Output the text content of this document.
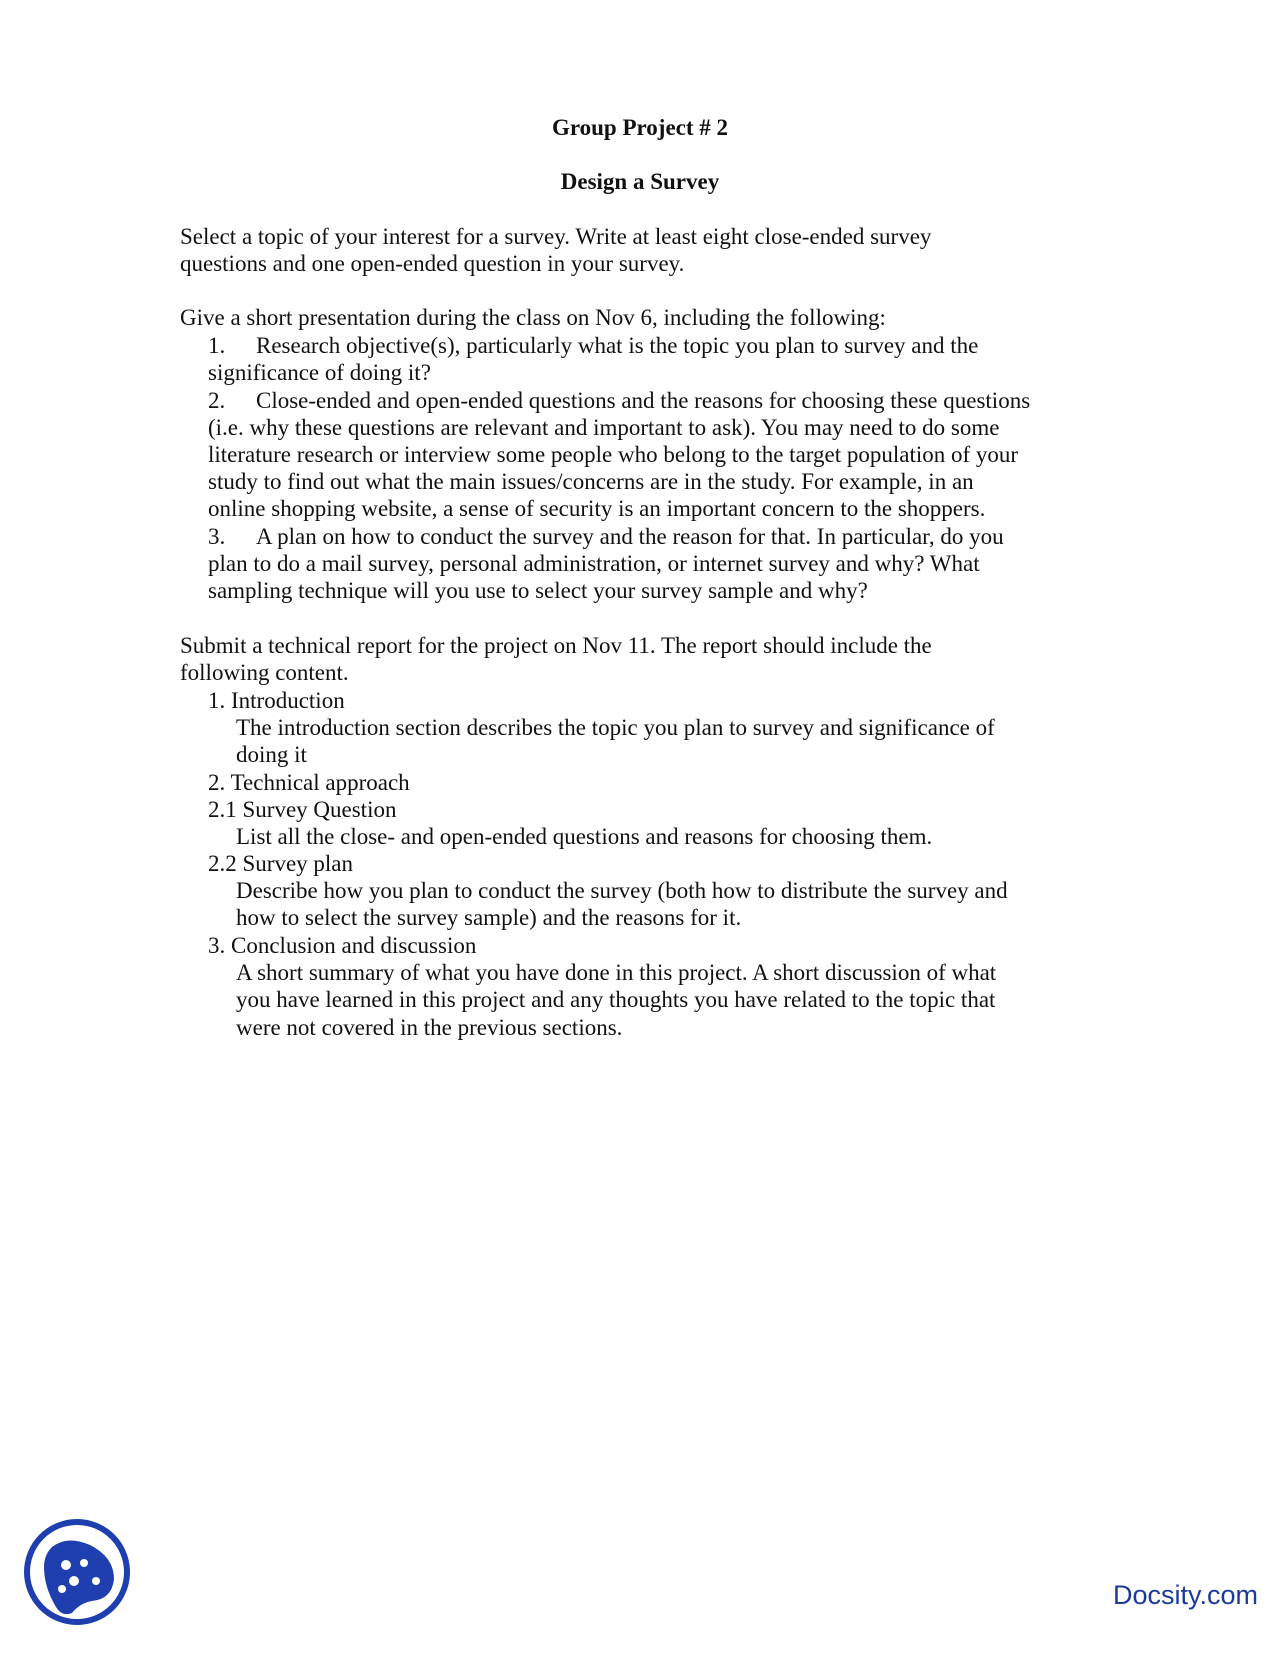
Group Project # 2
Design a Survey
Select a topic of your interest for a survey. Write at least eight close-ended survey
questions and one open-ended question in your survey.
Give a short presentation during the class on Nov 6, including the following:
1. Research objective(s), particularly what is the topic you plan to survey and the
significance of doing it?
2. Close-ended and open-ended questions and the reasons for choosing these questions
(i.e. why these questions are relevant and important to ask). You may need to do some
literature research or interview some people who belong to the target population of your
study to find out what the main issues/concerns are in the study. For example, in an
online shopping website, a sense of security is an important concern to the shoppers.
3. A plan on how to conduct the survey and the reason for that. In particular, do you
plan to do a mail survey, personal administration, or internet survey and why? What
sampling technique will you use to select your survey sample and why?
Submit a technical report for the project on Nov 11. The report should include the
following content.
1. Introduction
The introduction section describes the topic you plan to survey and significance of
doing it
2. Technical approach
2.1 Survey Question
List all the close- and open-ended questions and reasons for choosing them.
2.2 Survey plan
Describe how you plan to conduct the survey (both how to distribute the survey and
how to select the survey sample) and the reasons for it.
3. Conclusion and discussion
A short summary of what you have done in this project. A short discussion of what
you have learned in this project and any thoughts you have related to the topic that
were not covered in the previous sections.
Docsity.com
